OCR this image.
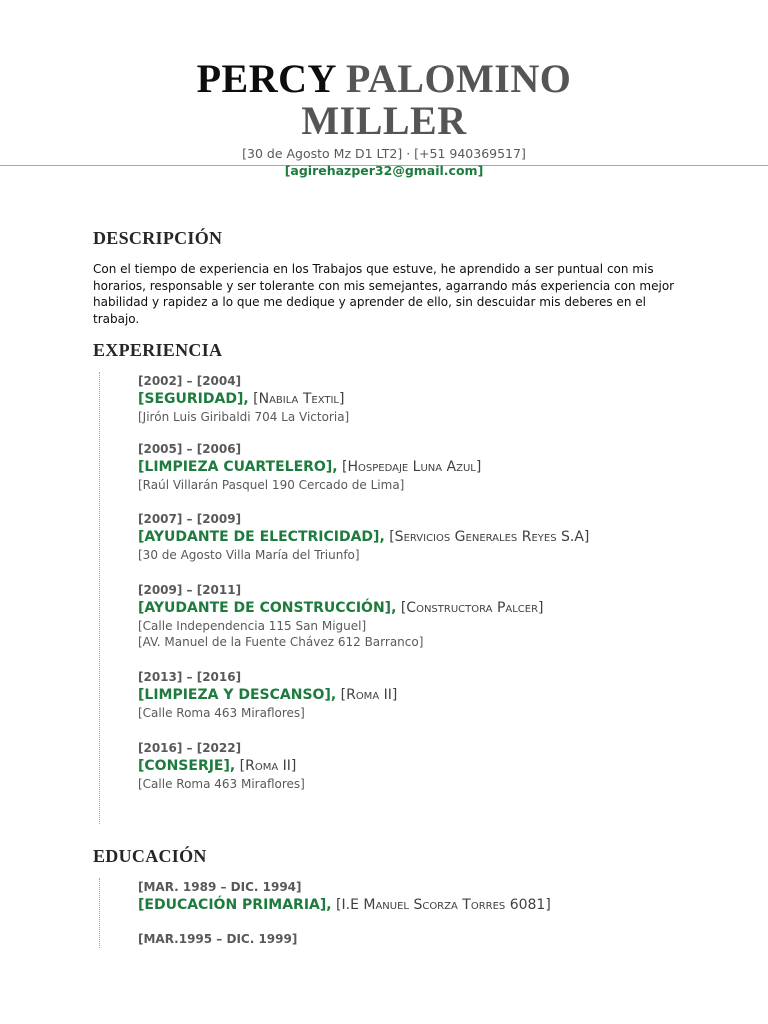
PERCY PALOMINO
MILLER
[30 de Agosto Mz D1 LT2] · [+51 940369517]
[agirehazper32@gmail.com]
DESCRIPCIÓN
Con el tiempo de experiencia en los Trabajos que estuve, he aprendido a ser puntual con mis horarios, responsable y ser tolerante con mis semejantes, agarrando más experiencia con mejor habilidad y rapidez a lo que me dedique y aprender de ello, sin descuidar mis deberes en el trabajo.
EXPERIENCIA
[2002] – [2004]
[SEGURIDAD], [Nabila Textil]
[Jirón Luis Giribaldi 704 La Victoria]
[2005] – [2006]
[LIMPIEZA CUARTELERO], [Hospedaje Luna Azul]
[Raúl Villarán Pasquel 190 Cercado de Lima]
[2007] – [2009]
[AYUDANTE DE ELECTRICIDAD], [Servicios Generales Reyes S.A]
[30 de Agosto Villa María del Triunfo]
[2009] – [2011]
[AYUDANTE DE CONSTRUCCIÓN], [Constructora Palcer]
[Calle Independencia 115 San Miguel]
[AV. Manuel de la Fuente Chávez 612 Barranco]
[2013] – [2016]
[LIMPIEZA Y DESCANSO], [Roma II]
[Calle Roma 463 Miraflores]
[2016] – [2022]
[CONSERJE], [Roma II]
[Calle Roma 463 Miraflores]
EDUCACIÓN
[MAR. 1989 – DIC. 1994]
[EDUCACIÓN PRIMARIA], [I.E Manuel Scorza Torres 6081]
[MAR.1995 – DIC. 1999]
